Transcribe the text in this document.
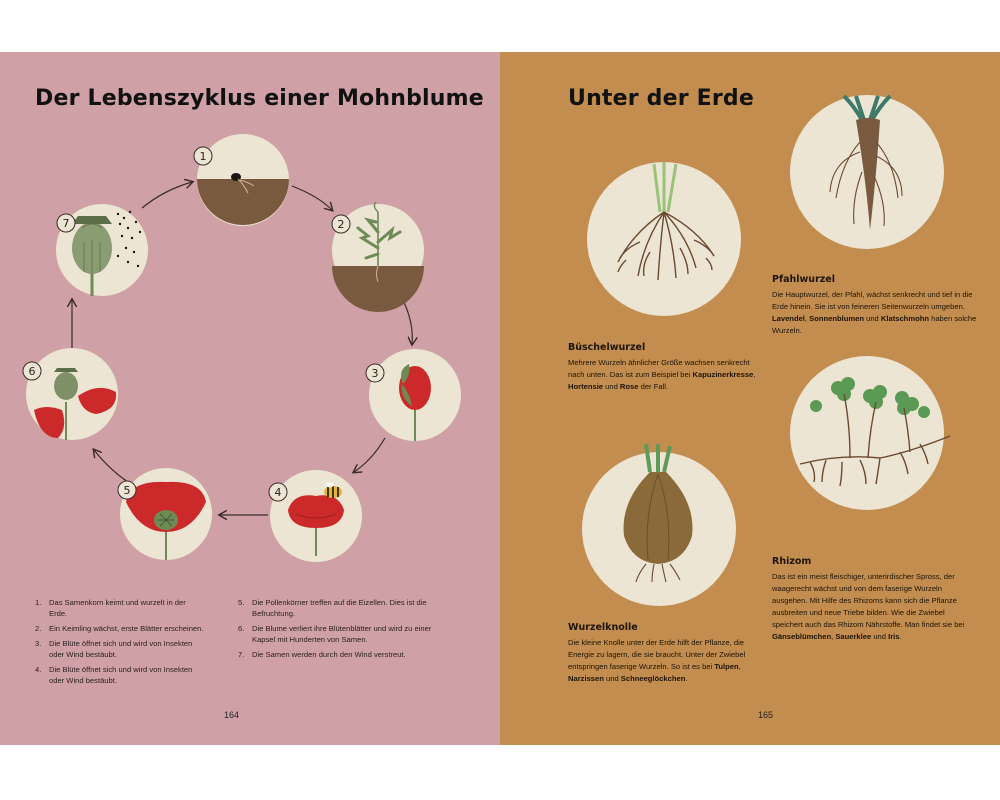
Der Lebenszyklus einer Mohnblume
1
2
3
4
5
6
7
1.	Das Samenkorn keimt und wurzelt in der Erde.
2.	Ein Keimling wächst, erste Blätter erscheinen.
3.	Die Blüte öffnet sich und wird von Insekten oder Wind bestäubt.
4.	Die Blüte öffnet sich und wird von Insekten oder Wind bestäubt.
5.	Die Pollenkörner treffen auf die Eizellen. Dies ist die Befruchtung.
6.	Die Blume verliert ihre Blütenblätter und wird zu einer Kapsel mit Hunderten von Samen.
7.	Die Samen werden durch den Wind verstreut.
164
Unter der Erde
Büschelwurzel
Mehrere Wurzeln ähnlicher Größe wachsen senkrecht nach unten. Das ist zum Beispiel bei Kapuzinerkresse, Hortensie und Rose der Fall.
Pfahlwurzel
Die Hauptwurzel, der Pfahl, wächst senkrecht und tief in die Erde hinein. Sie ist von feineren Seitenwurzeln umgeben. Lavendel, Sonnenblumen und Klatschmohn haben solche Wurzeln.
Wurzelknolle
Die kleine Knolle unter der Erde hilft der Pflanze, die Energie zu lagern, die sie braucht. Unter der Zwiebel entspringen faserige Wurzeln. So ist es bei Tulpen, Narzissen und Schneeglöckchen.
Rhizom
Das ist ein meist fleischiger, unterirdischer Spross, der waagerecht wächst und von dem faserige Wurzeln ausgehen. Mit Hilfe des Rhizoms kann sich die Pflanze ausbreiten und neue Triebe bilden. Wie die Zwiebel speichert auch das Rhizom Nährstoffe. Man findet sie bei Gänseblümchen, Sauerklee und Iris.
165
